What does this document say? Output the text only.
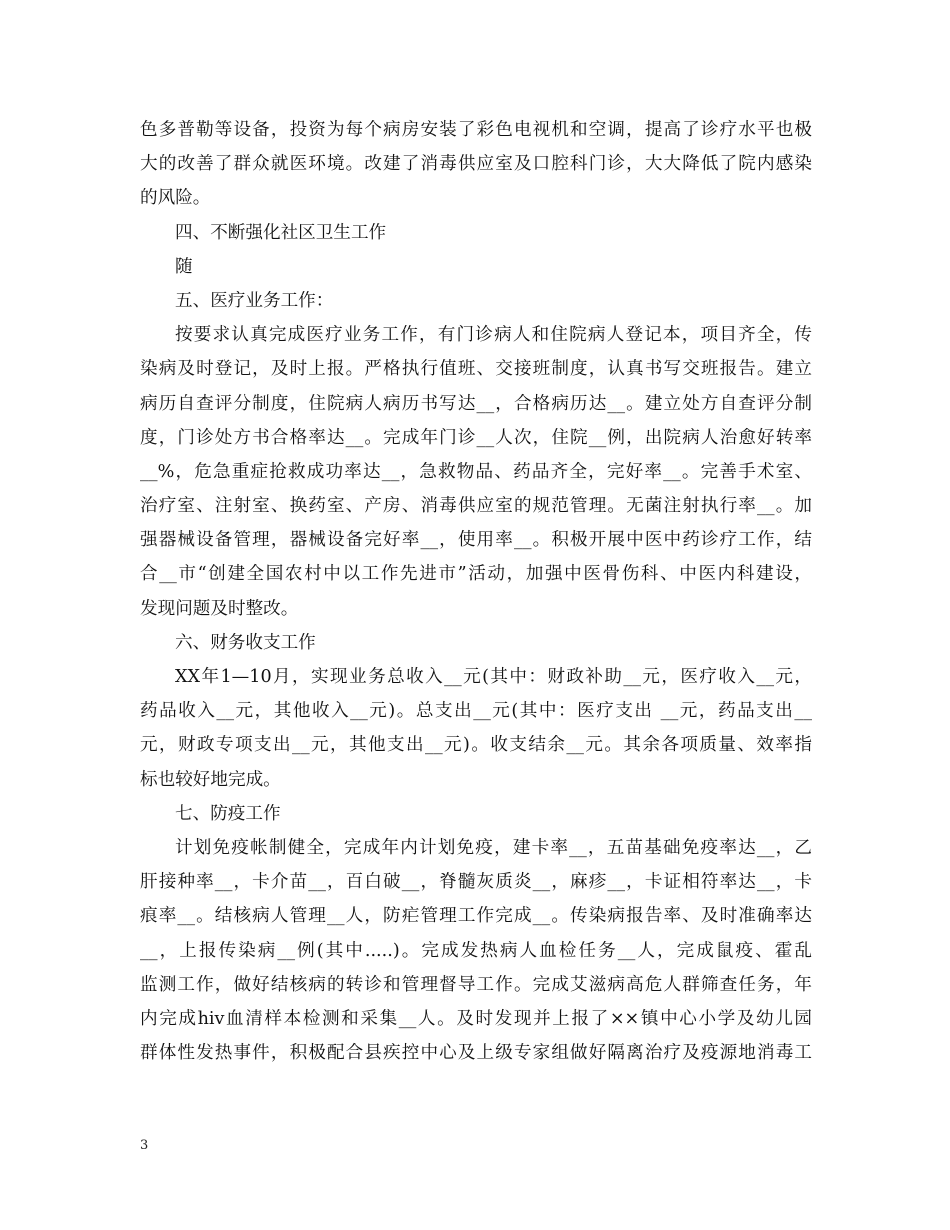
色多普勒等设备，投资为每个病房安装了彩色电视机和空调，提高了诊疗水平也极
大的改善了群众就医环境。改建了消毒供应室及口腔科门诊，大大降低了院内感染
的风险。
四、不断强化社区卫生工作
随
五、医疗业务工作：
按要求认真完成医疗业务工作，有门诊病人和住院病人登记本，项目齐全，传
染病及时登记，及时上报。严格执行值班、交接班制度，认真书写交班报告。建立
病历自查评分制度，住院病人病历书写达__，合格病历达__。建立处方自查评分制
度，门诊处方书合格率达__。完成年门诊__人次，住院__例，出院病人治愈好转率
__%，危急重症抢救成功率达__，急救物品、药品齐全，完好率__。完善手术室、
治疗室、注射室、换药室、产房、消毒供应室的规范管理。无菌注射执行率__。加
强器械设备管理，器械设备完好率__，使用率__。积极开展中医中药诊疗工作，结
合__市“创建全国农村中以工作先进市”活动，加强中医骨伤科、中医内科建设，
发现问题及时整改。
六、财务收支工作
XX年1—10月，实现业务总收入__元(其中：财政补助__元，医疗收入__元，
药品收入__元，其他收入__元)。总支出__元(其中：医疗支出 __元，药品支出__
元，财政专项支出__元，其他支出__元)。收支结余__元。其余各项质量、效率指
标也较好地完成。
七、防疫工作
计划免疫帐制健全，完成年内计划免疫，建卡率__，五苗基础免疫率达__，乙
肝接种率__，卡介苗__，百白破__，脊髓灰质炎__，麻疹__，卡证相符率达__，卡
痕率__。结核病人管理__人，防疟管理工作完成__。传染病报告率、及时准确率达
__，上报传染病__例(其中.....)。完成发热病人血检任务__人，完成鼠疫、霍乱
监测工作，做好结核病的转诊和管理督导工作。完成艾滋病高危人群筛查任务，年
内完成hiv血清样本检测和采集__人。及时发现并上报了××镇中心小学及幼儿园
群体性发热事件，积极配合县疾控中心及上级专家组做好隔离治疗及疫源地消毒工
3
